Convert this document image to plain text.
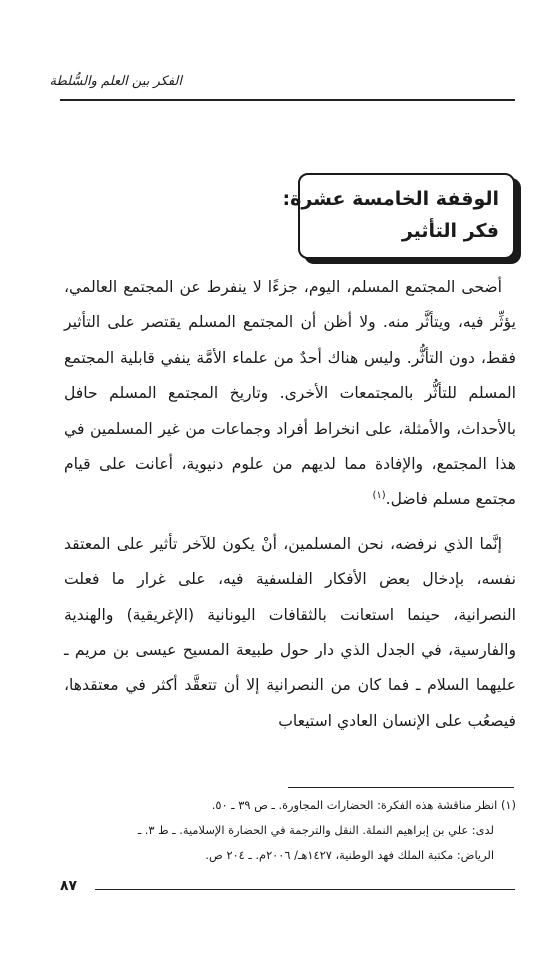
الفكر بين العلم والسُّلطة
الوقفة الخامسة عشرة:
فكر التأثير

أضحى المجتمع المسلم، اليوم، جزءًا لا ينفرط عن المجتمع العالمي، يؤثِّر فيه، ويتأثَّر منه. ولا أظن أن المجتمع المسلم يقتصر على التأثير فقط، دون التأثُّر. وليس هناك أحدٌ من علماء الأمَّة ينفي قابلية المجتمع المسلم للتأثُّر بالمجتمعات الأخرى. وتاريخ المجتمع المسلم حافل بالأحداث، والأمثلة، على انخراط أفراد وجماعات من غير المسلمين في هذا المجتمع، والإفادة مما لديهم من علوم دنيوية، أعانت على قيام مجتمع مسلم فاضل.$^{(١)}$

إنَّما الذي نرفضه، نحن المسلمين، أنْ يكون للآخر تأثير على المعتقد نفسه، بإدخال بعض الأفكار الفلسفية فيه، على غرار ما فعلت النصرانية، حينما استعانت بالثقافات اليونانية (الإغريقية) والهندية والفارسية، في الجدل الذي دار حول طبيعة المسيح عيسى بن مريم ـ عليهما السلام ـ فما كان من النصرانية إلا أن تتعقَّد أكثر في معتقدها، فيصعُب على الإنسان العادي استيعاب

(١) انظر مناقشة هذه الفكرة: الحضارات المجاورة. ـ ص ٣٩ ـ ٥٠.
لدى: علي بن إبراهيم النملة. النقل والترجمة في الحضارة الإسلامية. ـ ط ٣. ـ
الرياض: مكتبة الملك فهد الوطنية، ١٤٢٧هـ/ ٢٠٠٦م. ـ ٢٠٤ ص.
٨٧
